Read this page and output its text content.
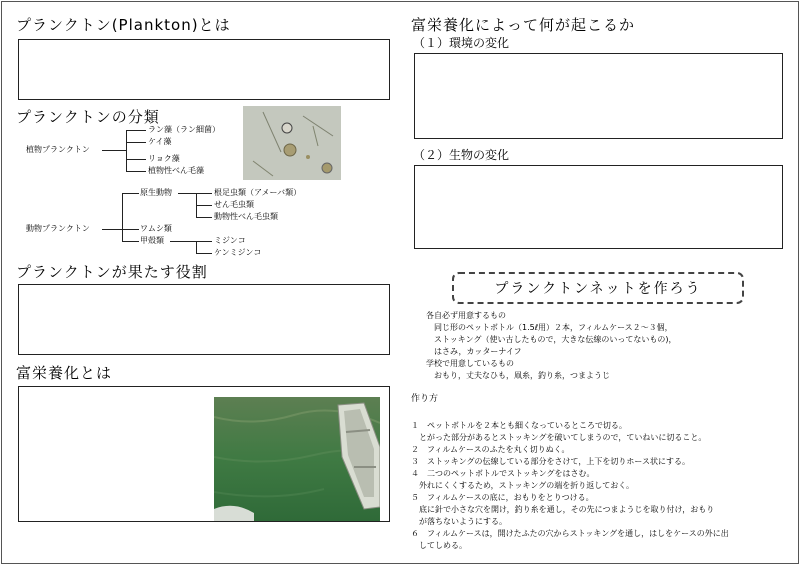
プランクトン(Plankton)とは
プランクトンの分類
植物プランクトン
ラン藻（ラン細菌）
ケイ藻
リョク藻
植物性べん毛藻
動物プランクトン
原生動物
ワムシ類
甲殻類
根足虫類（アメーバ類）
せん毛虫類
動物性べん毛虫類
ミジンコ
ケンミジンコ
プランクトンが果たす役割
富栄養化とは
富栄養化によって何が起こるか
（１）環境の変化
（２）生物の変化
プランクトンネットを作ろう
各自必ず用意するもの
同じ形のペットボトル（1.5ℓ用）２本，フィルムケース２～３個，
ストッキング（使い古したもので，大きな伝線のいってないもの)，
はさみ，カッターナイフ
学校で用意しているもの
おもり，丈夫なひも，凧糸，釣り糸，つまようじ
作り方
１　ペットボトルを２本とも細くなっているところで切る。
　とがった部分があるとストッキングを破いてしまうので，ていねいに切ること。
２　フィルムケースのふたを丸く切りぬく。
３　ストッキングの伝線している部分をさけて，上下を切りホース状にする。
４　二つのペットボトルでストッキングをはさむ。
　外れにくくするため，ストッキングの端を折り返しておく。
５　フィルムケースの底に，おもりをとりつける。
　底に針で小さな穴を開け，釣り糸を通し，その先につまようじを取り付け，おもり
　が落ちないようにする。
６　フィルムケースは，開けたふたの穴からストッキングを通し，はしをケースの外に出
　してしめる。
